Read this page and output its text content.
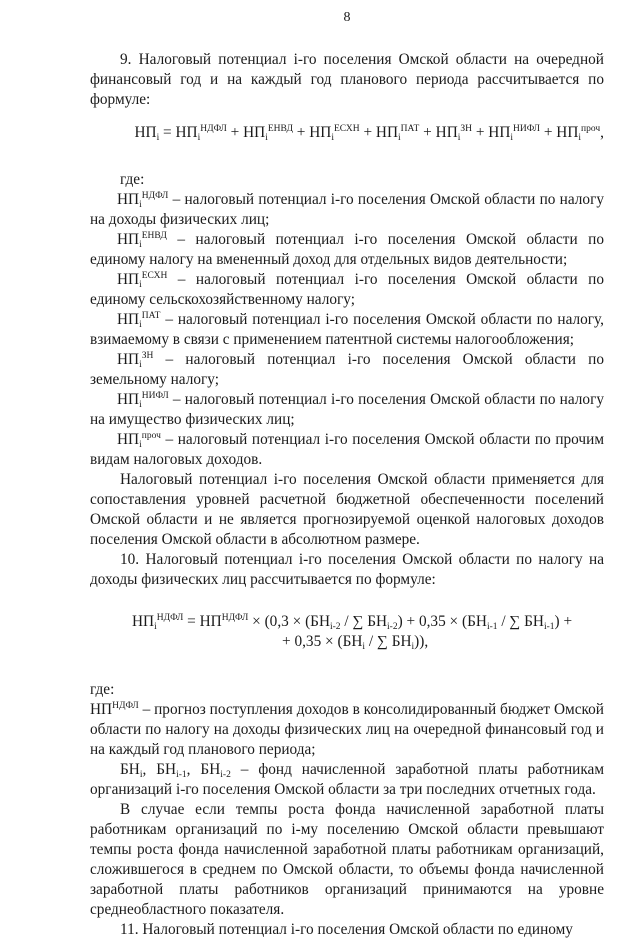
8

9. Налоговый потенциал i-го поселения Омской области на очередной финансовый год и на каждый год планового периода рассчитывается по формуле:

$НП_i = НП_i^{НДФЛ} + НП_i^{ЕНВД} + НП_i^{ЕСХН} + НП_i^{ПАТ} + НП_i^{ЗН} + НП_i^{НИФЛ} + НП_i^{проч}$,

где:

$НП_i^{НДФЛ}$ – налоговый потенциал i-го поселения Омской области по налогу на доходы физических лиц;

$НП_i^{ЕНВД}$ – налоговый потенциал i-го поселения Омской области по единому налогу на вмененный доход для отдельных видов деятельности;

$НП_i^{ЕСХН}$ – налоговый потенциал i-го поселения Омской области по единому сельскохозяйственному налогу;

$НП_i^{ПАТ}$ – налоговый потенциал i-го поселения Омской области по налогу, взимаемому в связи с применением патентной системы налогообложения;

$НП_i^{ЗН}$ – налоговый потенциал i-го поселения Омской области по земельному налогу;

$НП_i^{НИФЛ}$ – налоговый потенциал i-го поселения Омской области по налогу на имущество физических лиц;

$НП_i^{проч}$ – налоговый потенциал i-го поселения Омской области по прочим видам налоговых доходов.

Налоговый потенциал i-го поселения Омской области применяется для сопоставления уровней расчетной бюджетной обеспеченности поселений Омской области и не является прогнозируемой оценкой налоговых доходов поселения Омской области в абсолютном размере.

10. Налоговый потенциал i-го поселения Омской области по налогу на доходы физических лиц рассчитывается по формуле:

$НП_i^{НДФЛ} = НП^{НДФЛ} \times (0,3 \times (БН_{i-2}$ / ∑ $БН_{i-2}) + 0,35 \times (БН_{i-1}$ / ∑ $БН_{i-1}$) +
+ $0,35 \times (БН_i$ / ∑ $БН_i$)),

где:

$НП^{НДФЛ}$ – прогноз поступления доходов в консолидированный бюджет Омской области по налогу на доходы физических лиц на очередной финансовый год и на каждый год планового периода;

$БН_i$, $БН_{i-1}$, $БН_{i-2}$ – фонд начисленной заработной платы работникам организаций i-го поселения Омской области за три последних отчетных года.

В случае если темпы роста фонда начисленной заработной платы работникам организаций по i-му поселению Омской области превышают темпы роста фонда начисленной заработной платы работникам организаций, сложившегося в среднем по Омской области, то объемы фонда начисленной заработной платы работников организаций принимаются на уровне среднеобластного показателя.

11. Налоговый потенциал i-го поселения Омской области по единому
